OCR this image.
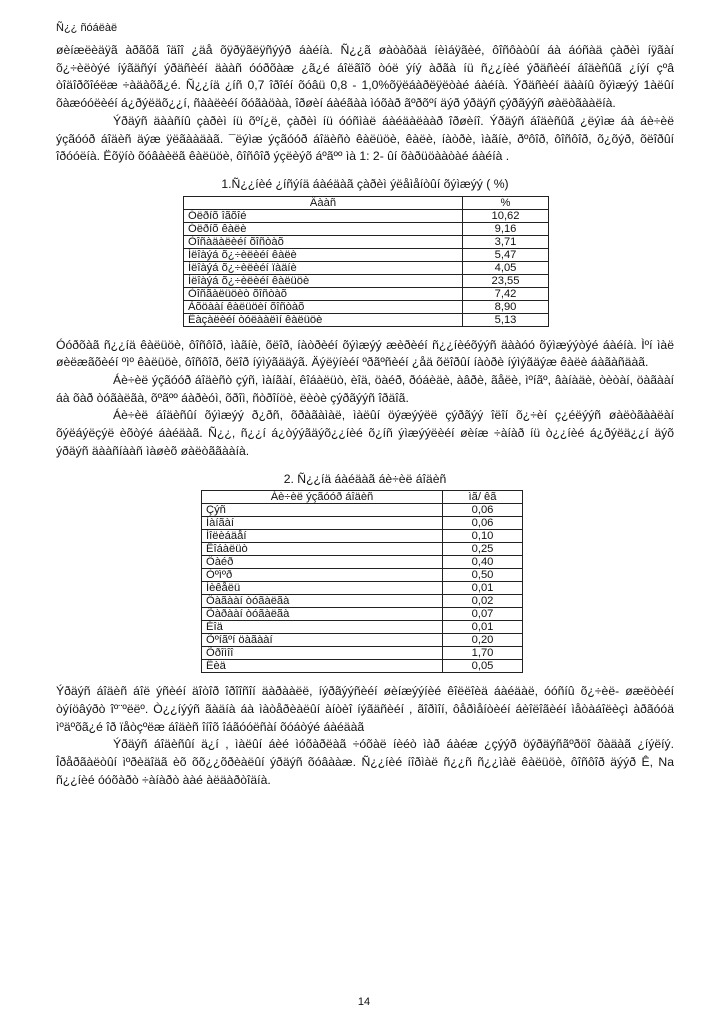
Ñ¿¿ ñóáëàë

øèíæëèäÿã àðãõã îäîî ¿äå õÿðÿãëÿñýýð áàéíà. Ñ¿¿ã øàòàõàä íèìáÿãèé, ôîñôàòûí áà áóñàä çàðèì íÿãàí õ¿÷èëòýé íýãäñýí ýðäñèéí äààñ óóðõàæ ¿ã¿é áîëãîõ òóë ýíý àðãà íü ñ¿¿íèé ýðäñèéí áîäèñûã ¿íýí çºâ òîäîðõîéëæ ÷àäàõã¿é. Ñ¿¿íä ¿íñ 0,7 îðîéí õóâü 0,8 - 1,0%õÿëáàðëÿëòàé áàéíà. Ýðäñèéí äààíû õýìæýý 1àëûí õàæóóëèéí á¿ðýëäõ¿¿í, ñààëèéí õóãàöàà, îðøèí áàéãàà ìóõàð ãºðõºí äýð ýðäýñ çýðãýýñ øàëòãààëíà.

Ýðäýñ äààñíû çàðèì íü õºí¿ë, çàðèì íü óóñìàë áàéäàëààð îðøèíî. Ýðäýñ áîäèñûã ¿ëýìæ áà áè÷èë ýçãóóð áîäèñ äýæ ÿëãààäàã. ¯ëýìæ ýçãóóð áîäèñò êàëüöè, êàëè, íàòðè, ìàãíè, ðºôîð, ôîñôîð, õ¿õýð, õëîðûí îðóóëíà. Ëõÿíò õóâàèëã êàëüöè, ôîñôîð ýçëèýõ áºãºº ìà 1: 2- ûí õàðüöààòàé áàéíà .

1.Ñ¿¿íèé ¿íñýíä áàéäàã çàðèì ýëåìåíòûí õýìæýý ( %)
Äààñ	%
Óëðíõ îãõîé	10,62
Óëðíõ êàëè	9,16
Òîñàäàëèéí õîñòàõ	3,71
Íëîàýá õ¿÷èëèéí êàëè	5,47
Íëîàýá õ¿÷èëèéí ïàäíè	4,05
Íëîàýá õ¿÷èëèéí êàëüöè	23,55
Òîñãàëüöèò õîñòàõ	7,42
Àõöààí êàëüöèí õîñòàõ	8,90
Ëàçàëèéí òóëààëìí êàëüöè	5,13

Óóðõàã ñ¿¿íä êàëüöè, ôîñôîð, ìàãíè, õëîð, íàòðèéí õýìæýý æèðèéí ñ¿¿íèéõýýñ äààóó õýìæýýòýé áàéíà. Ìºí ìàë øèëæãõèéí ºìº êàëüöè, ôîñôîð, õëîð íýìýãääýã. Äýëÿíèéí ºðãºñèéí ¿åä õëîðûí íàòðè íýìýãäýæ êàëè áàãàñäàã.

Áè÷èë ýçãóóð áîäèñò çýñ, ìàíãàí, êîáàëüò, èîä, öàéð, ðóáèäè, àâðè, ãåëè, ìºíãº, âàíàäè, òèòàí, öàãààí áà õàð òóãàëãà, õºãºº áàðèóì, õðîì, ñòðîíöè, ëèòè çýðãýýñ îðäîã.

Áè÷èë áîäèñûí õýìæýý ð¿ðñ, õðàãàìàë, ìàëûí öýæýýëë çýðãýý îëîí õ¿÷èí ç¿éëýýñ øàëòãààëàí õýëáýëçýë èõòýé áàéäàã. Ñ¿¿, ñ¿¿í á¿òýýãäýõ¿¿íèé õ¿íñ ýìæýýëèéí øèíæ ÷àíàð íü ò¿¿íèé á¿ðýëä¿¿í äýõ ýðäýñ äààñíààñ ìàøèõ øàëòããààíà.

2. Ñ¿¿íä áàéäàã áè÷èë áîäèñ
Áè÷èë ýçãóóð áîäèñ	ìã/ êã
Çýñ	0,06
Ìàíãàí	0,06
Ìîëèáäåí	0,10
Êîáàëüò	0,25
Öàéð	0,40
Òºìºð	0,50
Íèêåëü	0,01
Öàãààí òóãàëãà	0,02
Õàðààí òóãàëãà	0,07
Èîä	0,01
Õºíãºí öàãààí	0,20
Õðîìîî	1,70
Ëèä	0,05

Ýðäýñ áîäèñ áîë ýñèéí äîòîð îðîîñîí äàðààëë, íýðãýýñèéí øèíæýýíèé êîëëîèä áàéäàë, óóñíû õ¿÷èë- øæëòèéí òýíöâýðò îº¨ºëëº. Ò¿¿íýýñ ãàäíà áà ìàòåðèàëûí àíòèî íýãäñèéí , ãîðìîí, ôåðìåíòèéí áèîëîãèéí ìåòàáîëèçì àðãóóä ìºäºõã¿é îð ïåòçºëæ áîäèñ îíîõ îáãóóëñàí õóáòýé áàéäàã

Ýðäýñ áîäèñûí ä¿í , ìàëûí áèé ìóõàðëàã ÷óõàë íèéò ìàð áàéæ ¿çýýð öýðäýñãºðöî õàäàã ¿íýëíý. Îðåðãàëòûí ìºðèäîäã èõ õõ¿¿õðèàëûí ýðäýñ õóâààæ. Ñ¿¿íèé íîðìàë ñ¿¿ñ ñ¿¿ìàë êàëüöè, ôîñôîð äýýð Ê, Na ñ¿¿íèé óóõàðò ÷àíàðò ààé àëäàðòîäíà.

14
